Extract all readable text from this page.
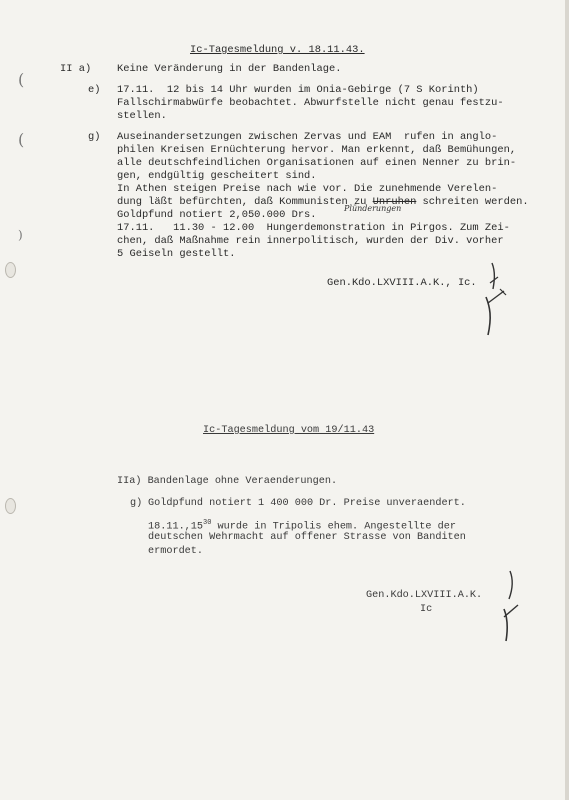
(
(
)
Ic-Tagesmeldung v. 18.11.43.
II a) Keine Veränderung in der Bandenlage.
e) 17.11.  12 bis 14 Uhr wurden im Onia-Gebirge (7 S Korinth)
Fallschirmabwürfe beobachtet. Abwurfstelle nicht genau festzu-
stellen.
g) Auseinandersetzungen zwischen Zervas und EAM  rufen in anglo-
philen Kreisen Ernüchterung hervor. Man erkennt, daß Bemühungen,
alle deutschfeindlichen Organisationen auf einen Nenner zu brin-
gen, endgültig gescheitert sind.
In Athen steigen Preise nach wie vor. Die zunehmende Verelen-
dung läßt befürchten, daß Kommunisten zu Unruhen schreiten werden.
Plünderungen
Goldpfund notiert 2,050.000 Drs.
17.11.   11.30 - 12.00  Hungerdemonstration in Pirgos. Zum Zei-
chen, daß Maßnahme rein innerpolitisch, wurden der Div. vorher
5 Geiseln gestellt.
Gen.Kdo.LXVIII.A.K., Ic.
Ic-Tagesmeldung vom 19/11.43
IIa) Bandenlage ohne Veraenderungen.
g) Goldpfund notiert 1 400 000 Dr. Preise unveraendert.
18.11.,15$^{30}$ wurde in Tripolis ehem. Angestellte der
deutschen Wehrmacht auf offener Strasse von Banditen
ermordet.
Gen.Kdo.LXVIII.A.K.
Ic
